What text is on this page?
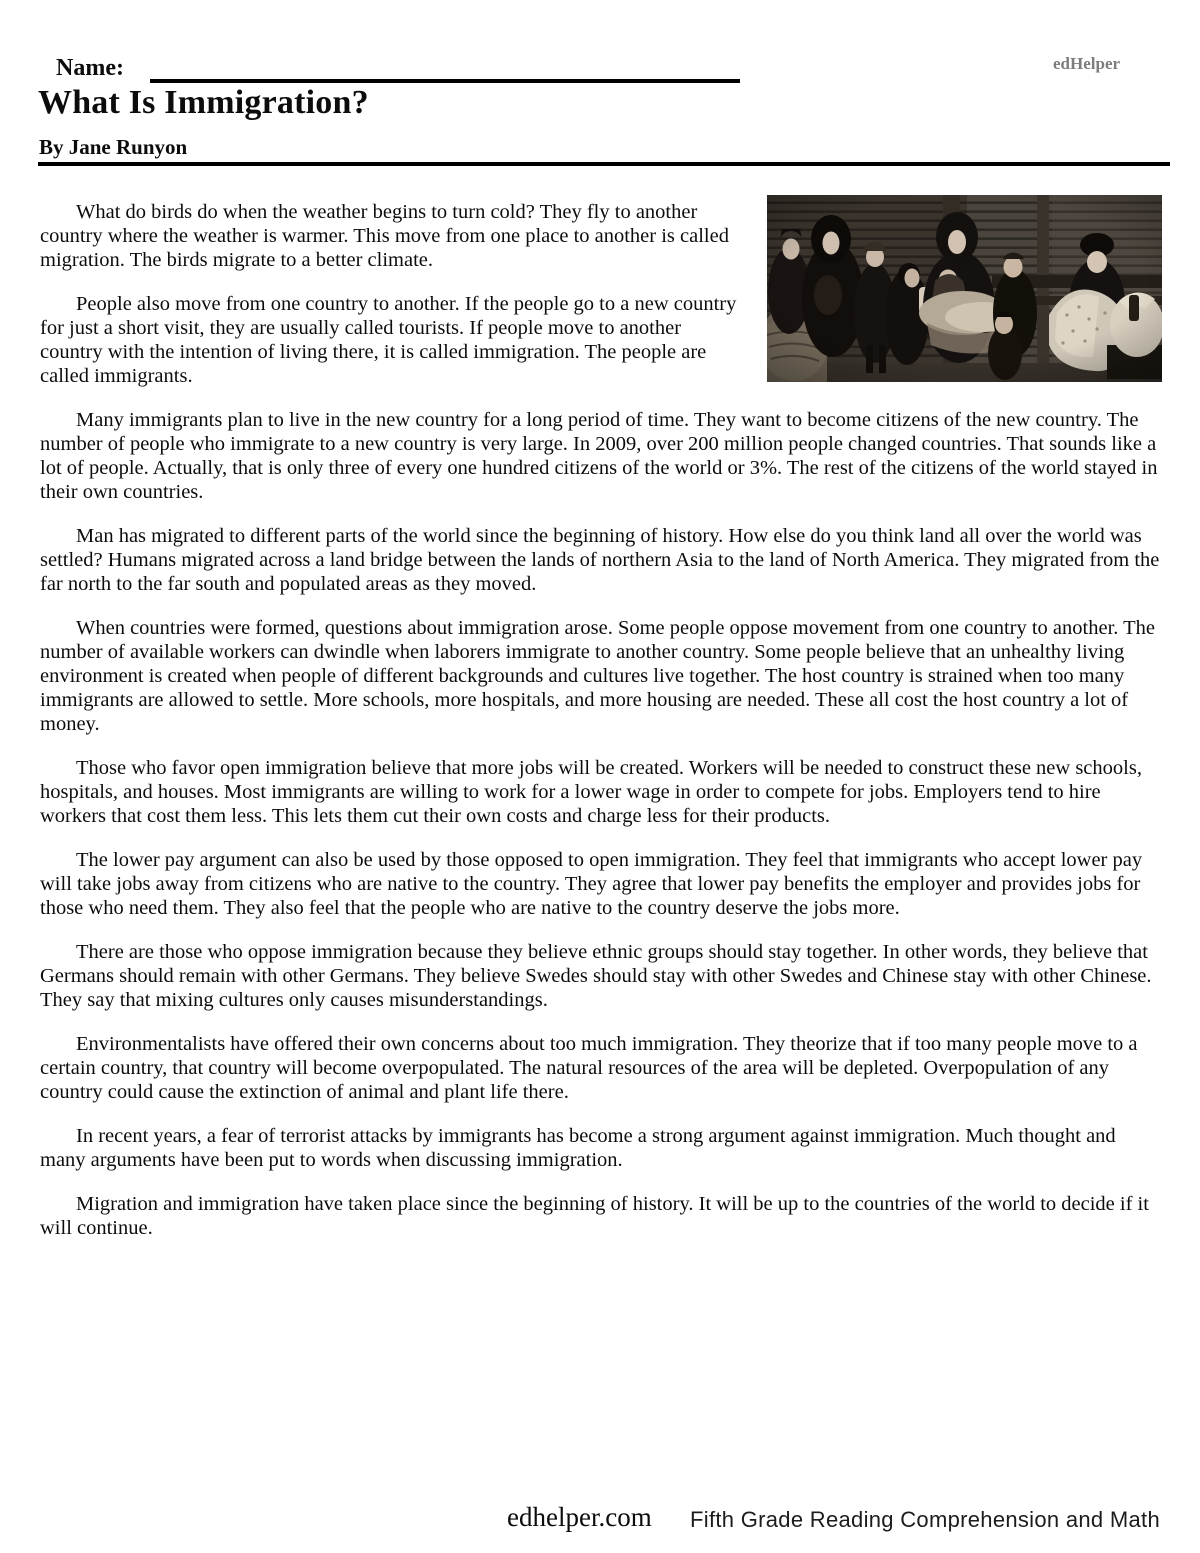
Name:	edHelper
What Is Immigration?
By Jane Runyon

What do birds do when the weather begins to turn cold? They fly to another country where the weather is warmer. This move from one place to another is called migration. The birds migrate to a better climate.

People also move from one country to another. If the people go to a new country for just a short visit, they are usually called tourists. If people move to another country with the intention of living there, it is called immigration. The people are called immigrants.

Many immigrants plan to live in the new country for a long period of time. They want to become citizens of the new country. The number of people who immigrate to a new country is very large. In 2009, over 200 million people changed countries. That sounds like a lot of people. Actually, that is only three of every one hundred citizens of the world or 3%. The rest of the citizens of the world stayed in their own countries.

Man has migrated to different parts of the world since the beginning of history. How else do you think land all over the world was settled? Humans migrated across a land bridge between the lands of northern Asia to the land of North America. They migrated from the far north to the far south and populated areas as they moved.

When countries were formed, questions about immigration arose. Some people oppose movement from one country to another. The number of available workers can dwindle when laborers immigrate to another country. Some people believe that an unhealthy living environment is created when people of different backgrounds and cultures live together. The host country is strained when too many immigrants are allowed to settle. More schools, more hospitals, and more housing are needed. These all cost the host country a lot of money.

Those who favor open immigration believe that more jobs will be created. Workers will be needed to construct these new schools, hospitals, and houses. Most immigrants are willing to work for a lower wage in order to compete for jobs. Employers tend to hire workers that cost them less. This lets them cut their own costs and charge less for their products.

The lower pay argument can also be used by those opposed to open immigration. They feel that immigrants who accept lower pay will take jobs away from citizens who are native to the country. They agree that lower pay benefits the employer and provides jobs for those who need them. They also feel that the people who are native to the country deserve the jobs more.

There are those who oppose immigration because they believe ethnic groups should stay together. In other words, they believe that Germans should remain with other Germans. They believe Swedes should stay with other Swedes and Chinese stay with other Chinese. They say that mixing cultures only causes misunderstandings.

Environmentalists have offered their own concerns about too much immigration. They theorize that if too many people move to a certain country, that country will become overpopulated. The natural resources of the area will be depleted. Overpopulation of any country could cause the extinction of animal and plant life there.

In recent years, a fear of terrorist attacks by immigrants has become a strong argument against immigration. Much thought and many arguments have been put to words when discussing immigration.

Migration and immigration have taken place since the beginning of history. It will be up to the countries of the world to decide if it will continue.

edhelper.com Fifth Grade Reading Comprehension and Math
